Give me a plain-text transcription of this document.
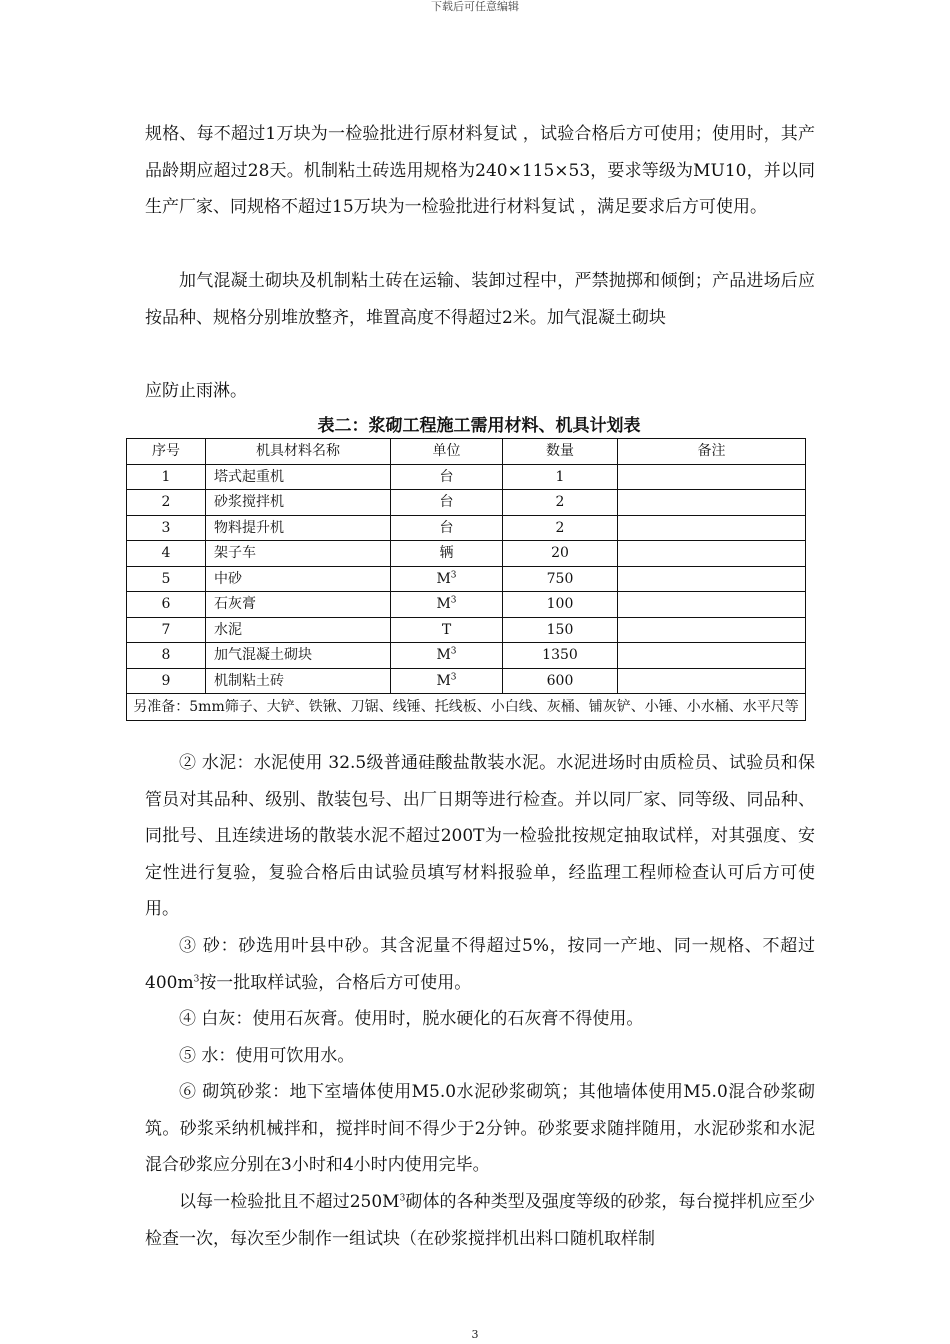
下载后可任意编辑

规格、每不超过1万块为一检验批进行原材料复试 ，试验合格后方可使用；使用时，其产品龄期应超过28天。机制粘土砖选用规格为240×115×53，要求等级为MU10，并以同生产厂家、同规格不超过15万块为一检验批进行材料复试 ，满足要求后方可使用。

加气混凝土砌块及机制粘土砖在运输、装卸过程中，严禁抛掷和倾倒；产品进场后应按品种、规格分别堆放整齐，堆置高度不得超过2米。加气混凝土砌块

应防止雨淋。

表二：浆砌工程施工需用材料、机具计划表
序号	机具材料名称	单位	数量	备注
1	塔式起重机	台	1	
2	砂浆搅拌机	台	2	
3	物料提升机	台	2	
4	架子车	辆	20	
5	中砂	$M^3$	750	
6	石灰膏	$M^3$	100	
7	水泥	T	150	
8	加气混凝土砌块	$M^3$	1350	
9	机制粘土砖	$M^3$	600	
另准备：5mm筛子、大铲、铁锹、刀锯、线锤、托线板、小白线、灰桶、铺灰铲、小锤、小水桶、水平尺等				

② 水泥：水泥使用 32.5级普通硅酸盐散装水泥。水泥进场时由质检员、试验员和保管员对其品种、级别、散装包号、出厂日期等进行检查。并以同厂家、同等级、同品种、同批号、且连续进场的散装水泥不超过200T为一检验批按规定抽取试样，对其强度、安定性进行复验，复验合格后由试验员填写材料报验单，经监理工程师检查认可后方可使用。

③ 砂：砂选用叶县中砂。其含泥量不得超过5%，按同一产地、同一规格、不超过$400m^3$按一批取样试验，合格后方可使用。

④ 白灰：使用石灰膏。使用时，脱水硬化的石灰膏不得使用。

⑤ 水：使用可饮用水。

⑥ 砌筑砂浆：地下室墙体使用M5.0水泥砂浆砌筑；其他墙体使用M5.0混合砂浆砌筑。砂浆采纳机械拌和，搅拌时间不得少于2分钟。砂浆要求随拌随用，水泥砂浆和水泥混合砂浆应分别在3小时和4小时内使用完毕。

以每一检验批且不超过$250M^3$砌体的各种类型及强度等级的砂浆，每台搅拌机应至少检查一次，每次至少制作一组试块（在砂浆搅拌机出料口随机取样制

3
